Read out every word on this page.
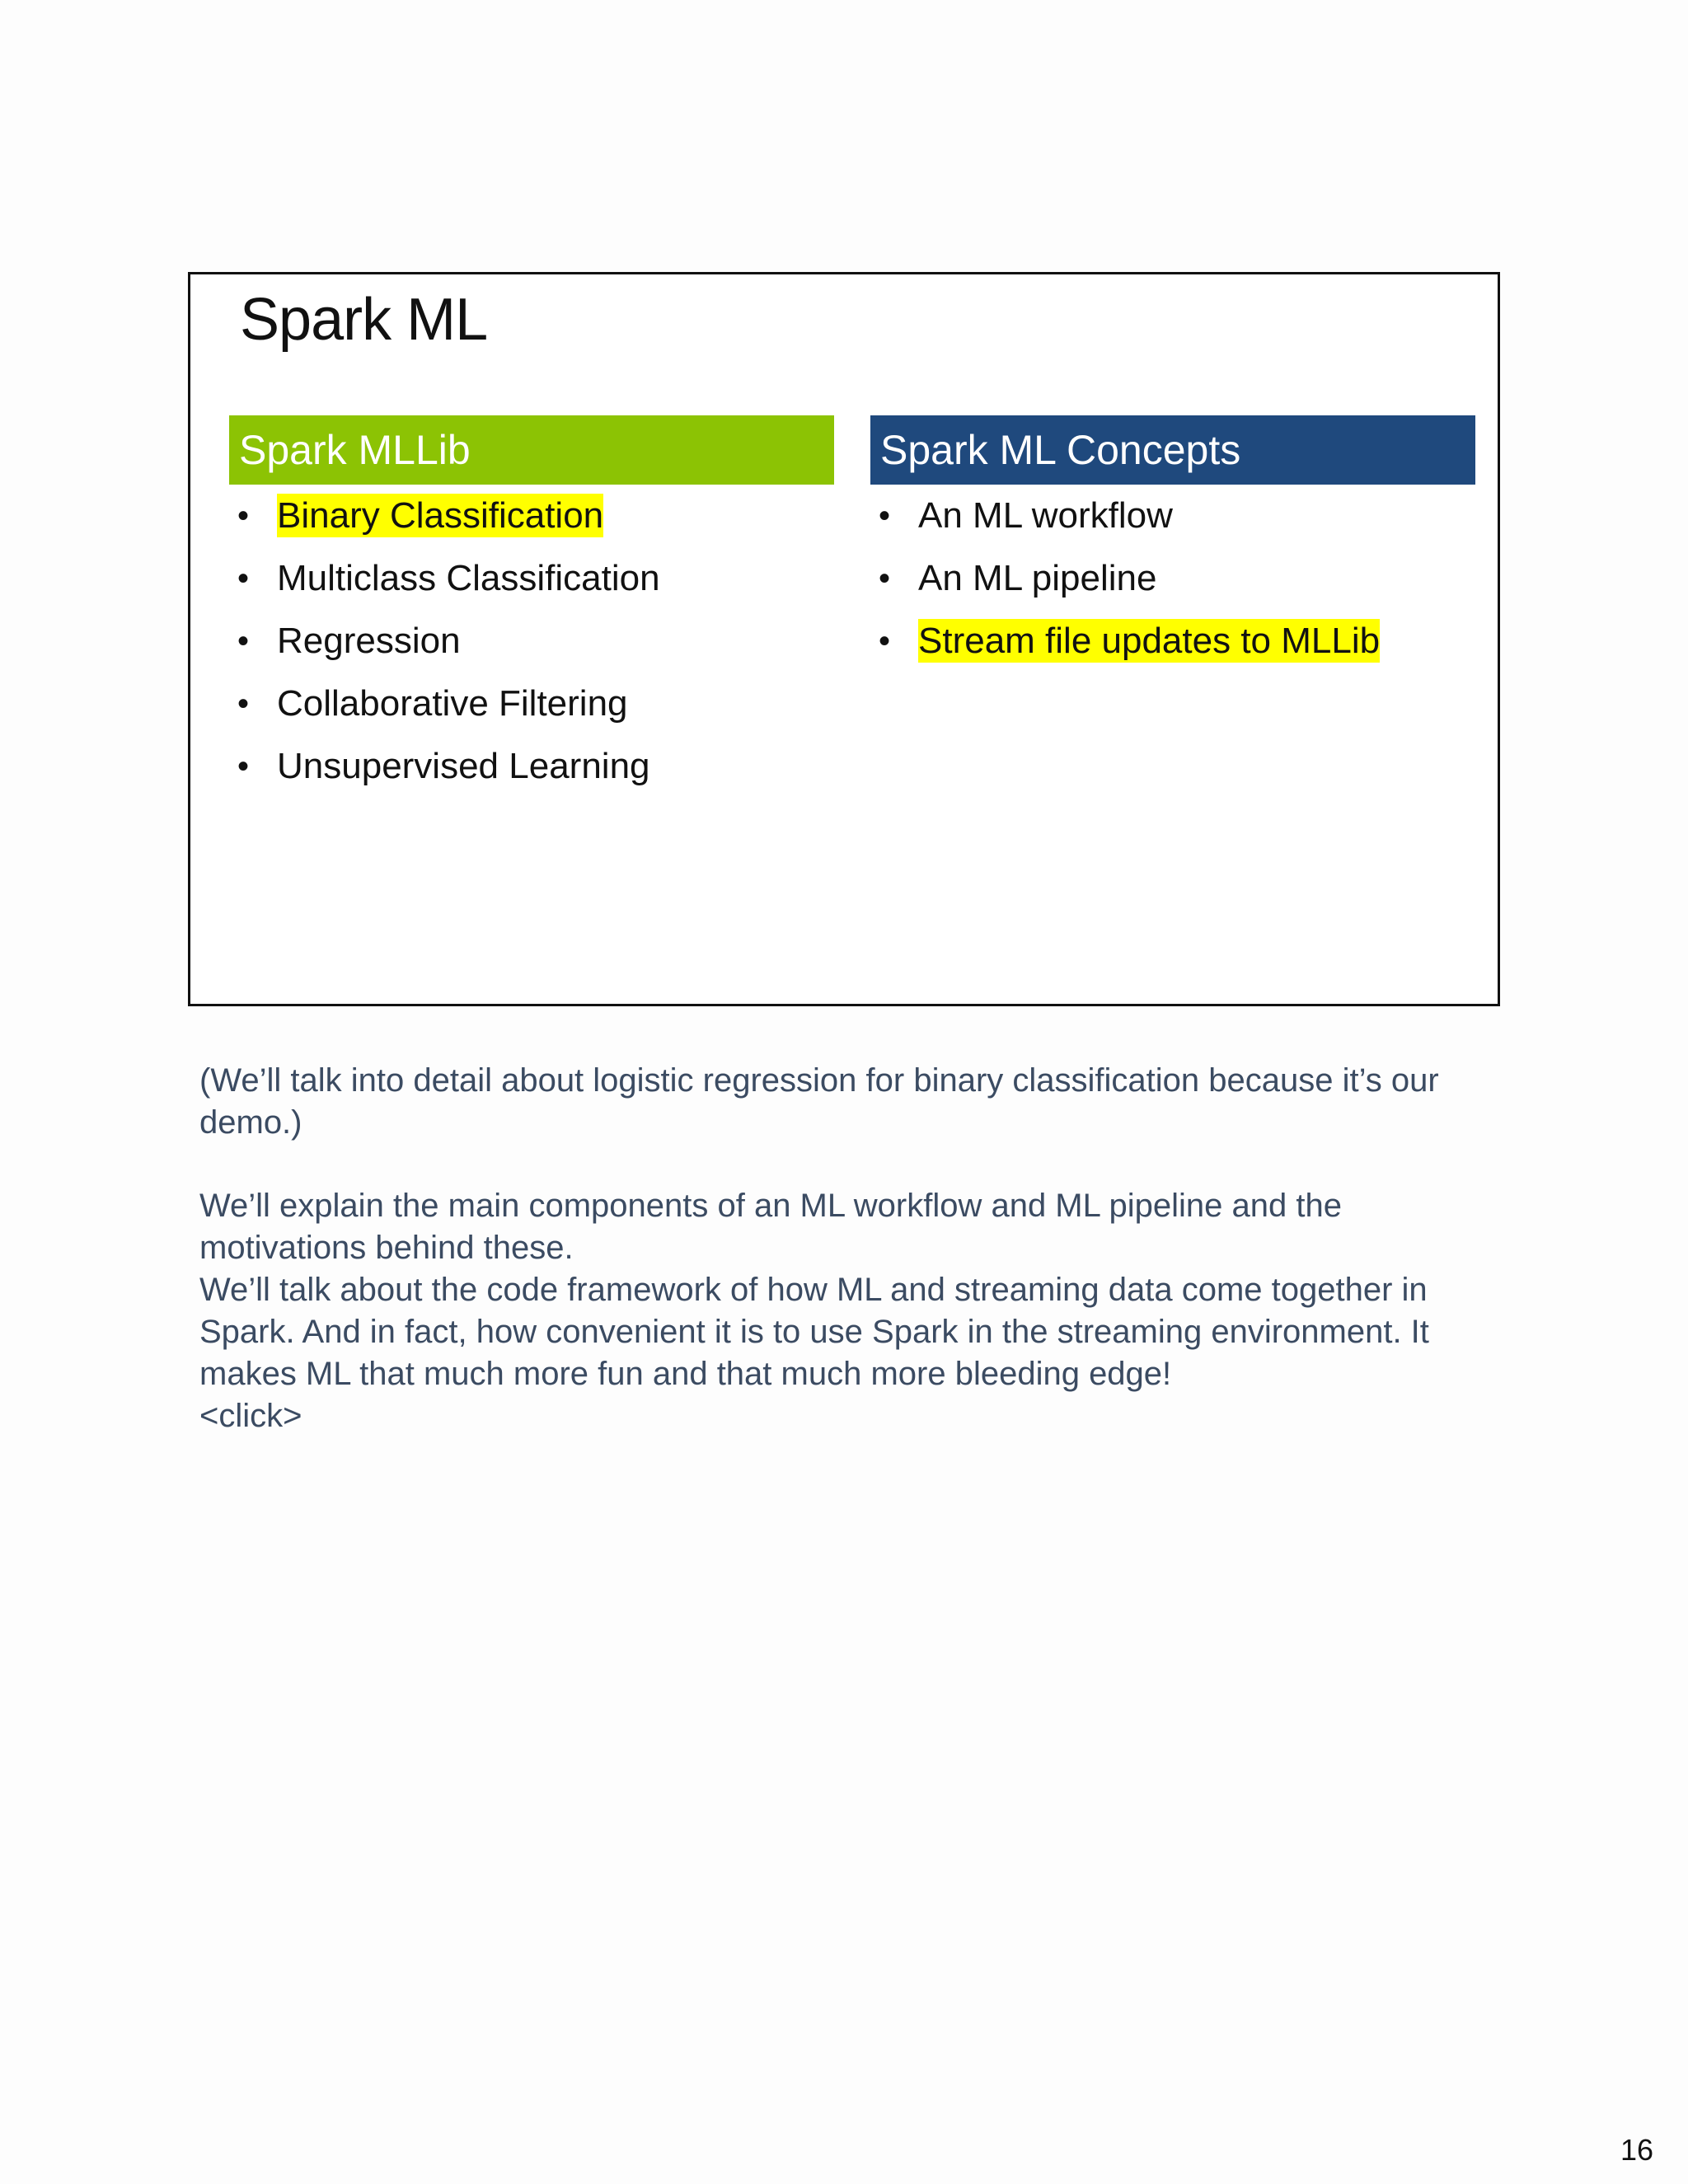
Spark ML
Spark MLLib
• Binary Classification
• Multiclass Classification
• Regression
• Collaborative Filtering
• Unsupervised Learning
Spark ML Concepts
• An ML workflow
• An ML pipeline
• Stream file updates to MLLib

(We’ll talk into detail about logistic regression for binary classification because it’s our demo.)

We’ll explain the main components of an ML workflow and ML pipeline and the motivations behind these.

We’ll talk about the code framework of how ML and streaming data come together in Spark. And in fact, how convenient it is to use Spark in the streaming environment. It makes ML that much more fun and that much more bleeding edge!

<click>

16
